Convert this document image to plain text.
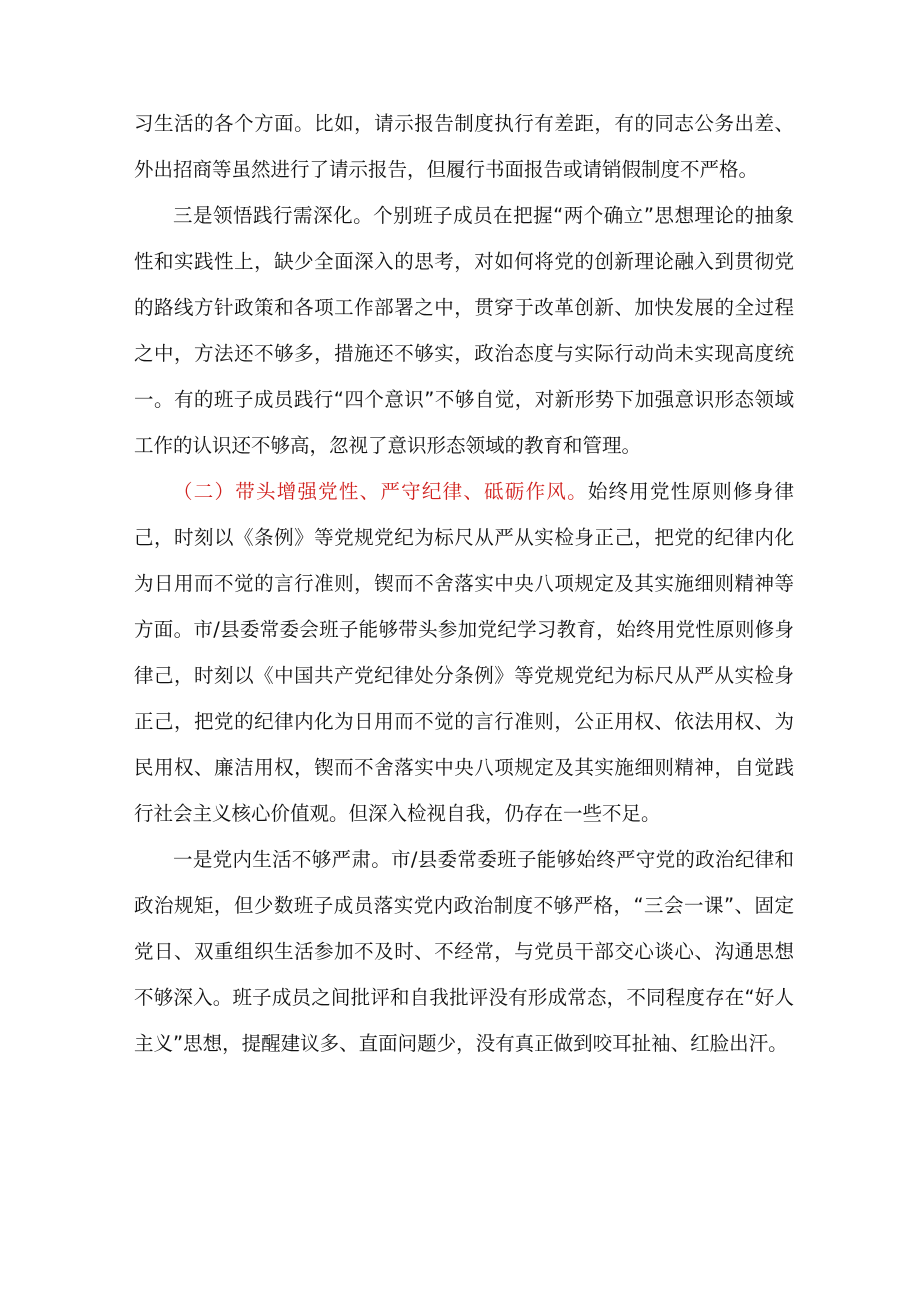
习生活的各个方面。比如，请示报告制度执行有差距，有的同志公务出差、外出招商等虽然进行了请示报告，但履行书面报告或请销假制度不严格。

三是领悟践行需深化。个别班子成员在把握“两个确立”思想理论的抽象性和实践性上，缺少全面深入的思考，对如何将党的创新理论融入到贯彻党的路线方针政策和各项工作部署之中，贯穿于改革创新、加快发展的全过程之中，方法还不够多，措施还不够实，政治态度与实际行动尚未实现高度统一。有的班子成员践行“四个意识”不够自觉，对新形势下加强意识形态领域工作的认识还不够高，忽视了意识形态领域的教育和管理。

（二）带头增强党性、严守纪律、砥砺作风。始终用党性原则修身律己，时刻以《条例》等党规党纪为标尺从严从实检身正己，把党的纪律内化为日用而不觉的言行准则，锲而不舍落实中央八项规定及其实施细则精神等方面。市/县委常委会班子能够带头参加党纪学习教育，始终用党性原则修身律己，时刻以《中国共产党纪律处分条例》等党规党纪为标尺从严从实检身正己，把党的纪律内化为日用而不觉的言行准则，公正用权、依法用权、为民用权、廉洁用权，锲而不舍落实中央八项规定及其实施细则精神，自觉践行社会主义核心价值观。但深入检视自我，仍存在一些不足。

一是党内生活不够严肃。市/县委常委班子能够始终严守党的政治纪律和政治规矩，但少数班子成员落实党内政治制度不够严格，“三会一课”、固定党日、双重组织生活参加不及时、不经常，与党员干部交心谈心、沟通思想不够深入。班子成员之间批评和自我批评没有形成常态，不同程度存在“好人主义”思想，提醒建议多、直面问题少，没有真正做到咬耳扯袖、红脸出汗。
